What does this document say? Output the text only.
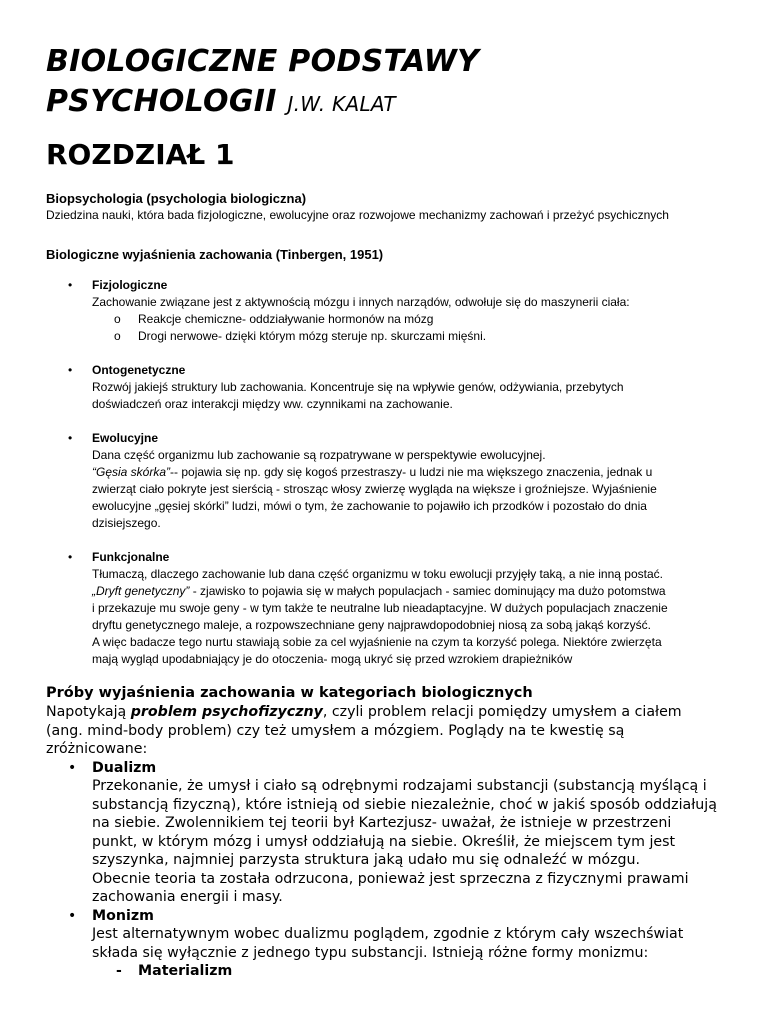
BIOLOGICZNE PODSTAWY

PSYCHOLOGII J.W. KALAT

ROZDZIAŁ 1

Biopsychologia (psychologia biologiczna)

Dziedzina nauki, która bada fizjologiczne, ewolucyjne oraz rozwojowe mechanizmy zachowań i przeżyć psychicznych

Biologiczne wyjaśnienia zachowania (Tinbergen, 1951)

• Fizjologiczne

Zachowanie związane jest z aktywnością mózgu i innych narządów, odwołuje się do maszynerii ciała:

o Reakcje chemiczne- oddziaływanie hormonów na mózg
o Drogi nerwowe- dzięki którym mózg steruje np. skurczami mięśni.
• Ontogenetyczne

Rozwój jakiejś struktury lub zachowania. Koncentruje się na wpływie genów, odżywiania, przebytych

doświadczeń oraz interakcji między ww. czynnikami na zachowanie.

• Ewolucyjne

Dana część organizmu lub zachowanie są rozpatrywane w perspektywie ewolucyjnej.

“Gęsia skórka”-- pojawia się np. gdy się kogoś przestraszy- u ludzi nie ma większego znaczenia, jednak u

zwierząt ciało pokryte jest sierścią - strosząc włosy zwierzę wygląda na większe i groźniejsze. Wyjaśnienie

ewolucyjne „gęsiej skórki” ludzi, mówi o tym, że zachowanie to pojawiło ich przodków i pozostało do dnia

dzisiejszego.

• Funkcjonalne

Tłumaczą, dlaczego zachowanie lub dana część organizmu w toku ewolucji przyjęły taką, a nie inną postać.

„Dryft genetyczny” - zjawisko to pojawia się w małych populacjach - samiec dominujący ma dużo potomstwa

i przekazuje mu swoje geny - w tym także te neutralne lub nieadaptacyjne. W dużych populacjach znaczenie

dryftu genetycznego maleje, a rozpowszechniane geny najprawdopodobniej niosą za sobą jakąś korzyść.

A więc badacze tego nurtu stawiają sobie za cel wyjaśnienie na czym ta korzyść polega. Niektóre zwierzęta

mają wygląd upodabniający je do otoczenia- mogą ukryć się przed wzrokiem drapieżników

Próby wyjaśnienia zachowania w kategoriach biologicznych

Napotykają problem psychofizyczny, czyli problem relacji pomiędzy umysłem a ciałem

(ang. mind-body problem) czy też umysłem a mózgiem. Poglądy na te kwestię są

zróżnicowane:

• Dualizm

Przekonanie, że umysł i ciało są odrębnymi rodzajami substancji (substancją myślącą i

substancją fizyczną), które istnieją od siebie niezależnie, choć w jakiś sposób oddziałują

na siebie. Zwolennikiem tej teorii był Kartezjusz- uważał, że istnieje w przestrzeni

punkt, w którym mózg i umysł oddziałują na siebie. Określił, że miejscem tym jest

szyszynka, najmniej parzysta struktura jaką udało mu się odnaleźć w mózgu.

Obecnie teoria ta została odrzucona, ponieważ jest sprzeczna z fizycznymi prawami

zachowania energii i masy.

• Monizm

Jest alternatywnym wobec dualizmu poglądem, zgodnie z którym cały wszechświat

składa się wyłącznie z jednego typu substancji. Istnieją różne formy monizmu:

- Materializm
